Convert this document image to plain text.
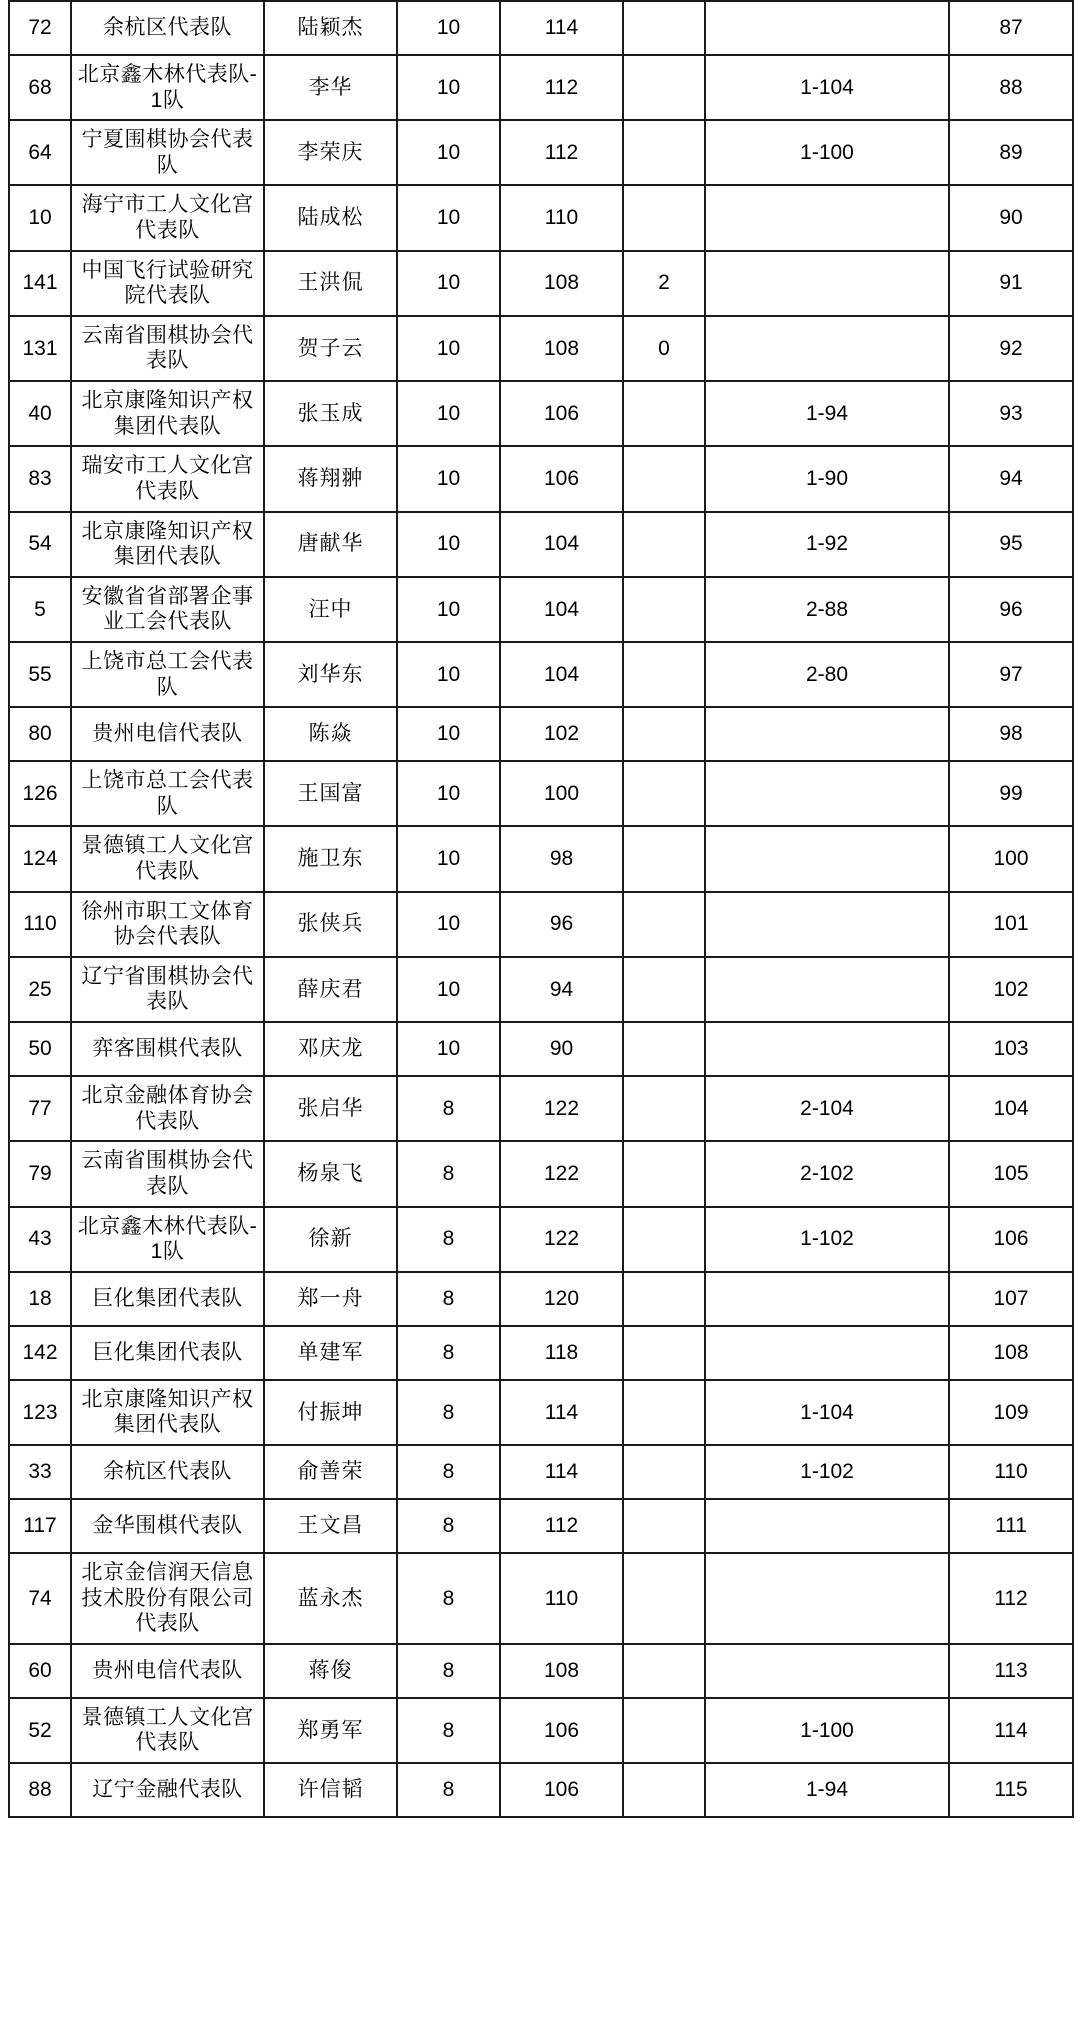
72	余杭区代表队	陆颖杰	10	114			87
68	北京鑫木林代表队-1队	李华	10	112		1-104	88
64	宁夏围棋协会代表队	李荣庆	10	112		1-100	89
10	海宁市工人文化宫代表队	陆成松	10	110			90
141	中国飞行试验研究院代表队	王洪侃	10	108	2		91
131	云南省围棋协会代表队	贺子云	10	108	0		92
40	北京康隆知识产权集团代表队	张玉成	10	106		1-94	93
83	瑞安市工人文化宫代表队	蒋翔翀	10	106		1-90	94
54	北京康隆知识产权集团代表队	唐献华	10	104		1-92	95
5	安徽省省部署企事业工会代表队	汪中	10	104		2-88	96
55	上饶市总工会代表队	刘华东	10	104		2-80	97
80	贵州电信代表队	陈焱	10	102			98
126	上饶市总工会代表队	王国富	10	100			99
124	景德镇工人文化宫代表队	施卫东	10	98			100
110	徐州市职工文体育协会代表队	张侠兵	10	96			101
25	辽宁省围棋协会代表队	薛庆君	10	94			102
50	弈客围棋代表队	邓庆龙	10	90			103
77	北京金融体育协会代表队	张启华	8	122		2-104	104
79	云南省围棋协会代表队	杨泉飞	8	122		2-102	105
43	北京鑫木林代表队-1队	徐新	8	122		1-102	106
18	巨化集团代表队	郑一舟	8	120			107
142	巨化集团代表队	单建军	8	118			108
123	北京康隆知识产权集团代表队	付振坤	8	114		1-104	109
33	余杭区代表队	俞善荣	8	114		1-102	110
117	金华围棋代表队	王文昌	8	112			111
74	北京金信润天信息技术股份有限公司代表队	蓝永杰	8	110			112
60	贵州电信代表队	蒋俊	8	108			113
52	景德镇工人文化宫代表队	郑勇军	8	106		1-100	114
88	辽宁金融代表队	许信韬	8	106		1-94	115
